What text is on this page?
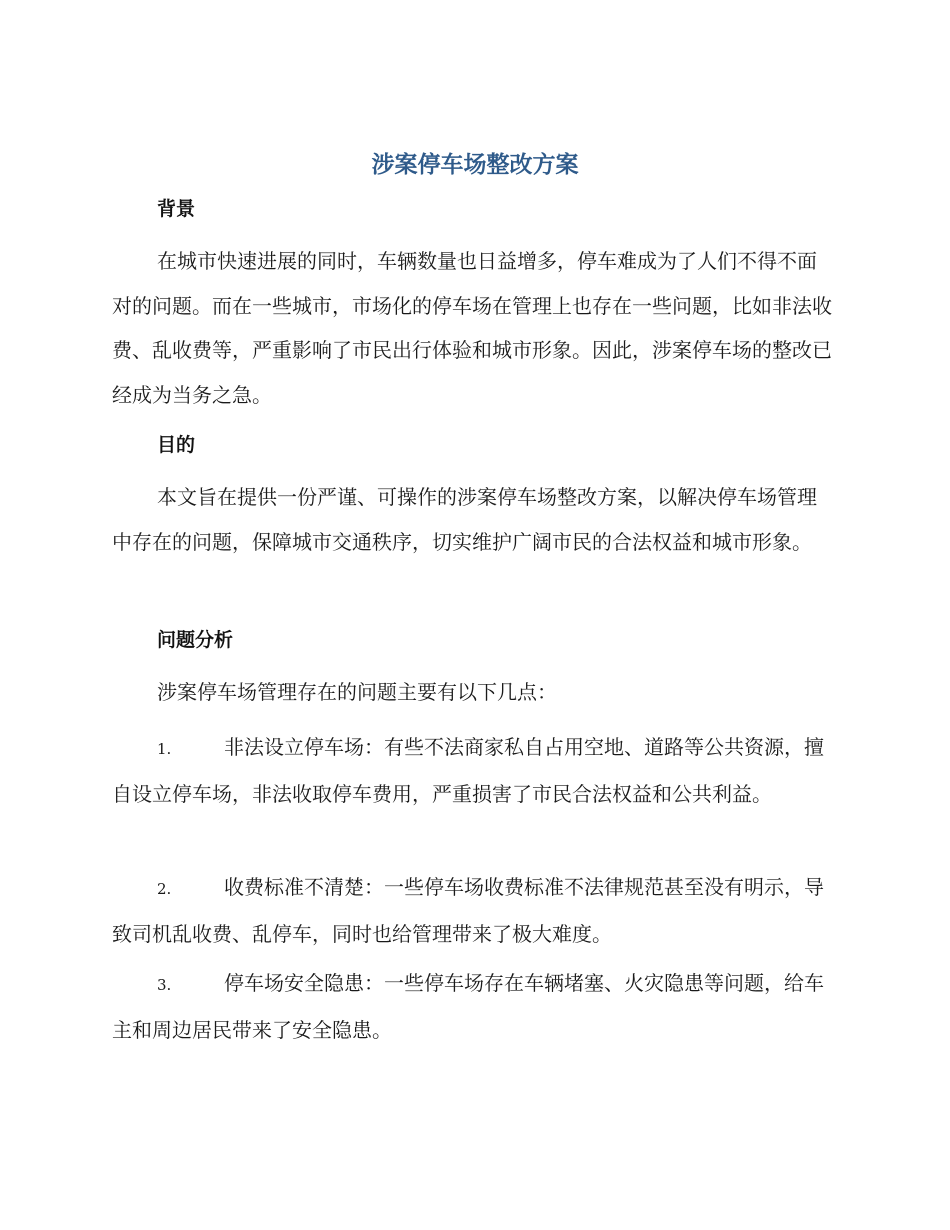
涉案停车场整改方案
背景

在城市快速进展的同时，车辆数量也日益增多，停车难成为了人们不得不面对的问题。而在一些城市，市场化的停车场在管理上也存在一些问题，比如非法收费、乱收费等，严重影响了市民出行体验和城市形象。因此，涉案停车场的整改已经成为当务之急。

目的

本文旨在提供一份严谨、可操作的涉案停车场整改方案，以解决停车场管理中存在的问题，保障城市交通秩序，切实维护广阔市民的合法权益和城市形象。

问题分析

涉案停车场管理存在的问题主要有以下几点：

1.	非法设立停车场：有些不法商家私自占用空地、道路等公共资源，擅自设立停车场，非法收取停车费用，严重损害了市民合法权益和公共利益。

2.	收费标准不清楚：一些停车场收费标准不法律规范甚至没有明示，导致司机乱收费、乱停车，同时也给管理带来了极大难度。

3.	停车场安全隐患：一些停车场存在车辆堵塞、火灾隐患等问题，给车主和周边居民带来了安全隐患。
